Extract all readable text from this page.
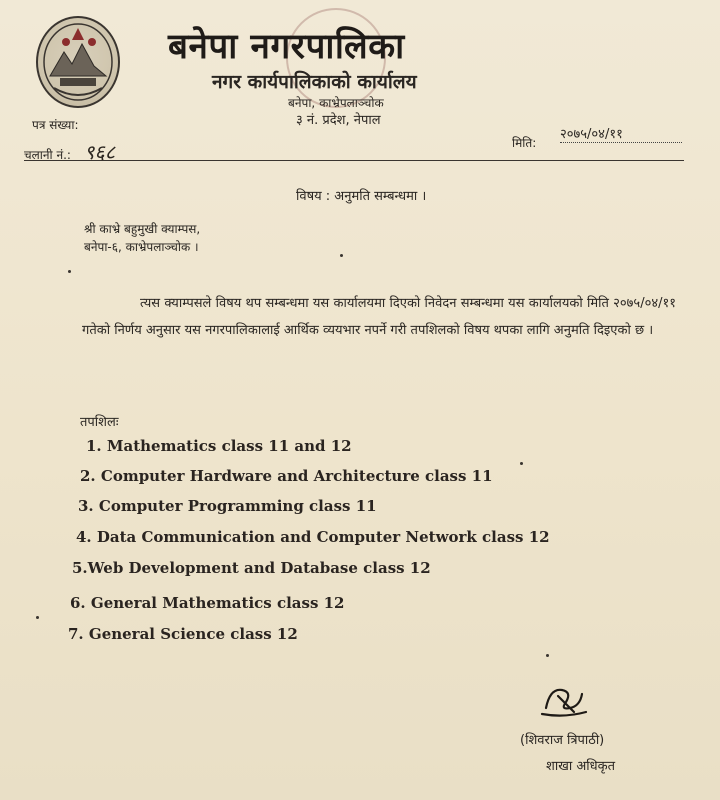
बनेपा नगरपालिका
नगर कार्यपालिकाको कार्यालय
बनेपा, काभ्रेपलाञ्चोक
३ नं. प्रदेश, नेपाल
पत्र संख्या:
चलानी नं.: ९६८	मिति:
२०७५/०४/११
विषय : अनुमति सम्बन्धमा ।
श्री काभ्रे बहुमुखी क्याम्पस,
बनेपा-६, काभ्रेपलाञ्चोक ।
त्यस क्याम्पसले विषय थप सम्बन्धमा यस कार्यालयमा दिएको निवेदन सम्बन्धमा यस कार्यालयको मिति २०७५/०४/११ गतेको निर्णय अनुसार यस नगरपालिकालाई आर्थिक व्ययभार नपर्ने गरी तपशिलको विषय थपका लागि अनुमति दिइएको छ ।
तपशिलः
1. Mathematics class 11 and 12
2. Computer Hardware and Architecture class 11
3. Computer Programming class 11
4. Data Communication and Computer Network class 12
5.Web Development and Database class 12
6. General Mathematics class 12
7. General Science class 12
(शिवराज त्रिपाठी)
शाखा अधिकृत
